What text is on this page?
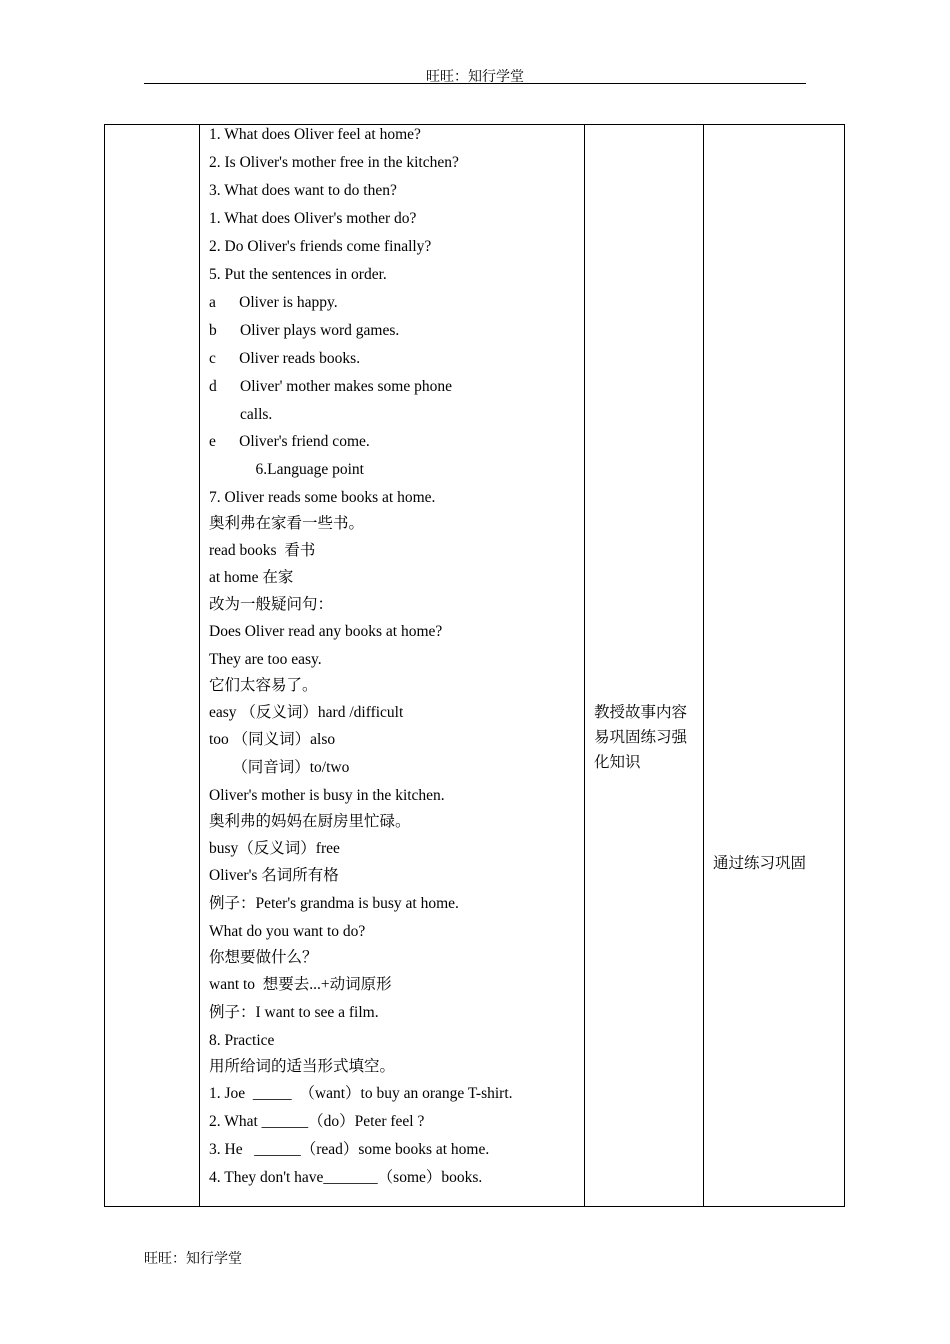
旺旺：知行学堂
1. What does Oliver feel at home?
2. Is Oliver's mother free in the kitchen?
3. What does want to do then?
1. What does Oliver's mother do?
2. Do Oliver's friends come finally?
5. Put the sentences in order.
a      Oliver is happy.
b      Oliver plays word games.
c      Oliver reads books.
d      Oliver' mother makes some phone
calls.
e      Oliver's friend come.
6.Language point
7. Oliver reads some books at home.
奥利弗在家看一些书。
read books  看书
at home 在家
改为一般疑问句：
Does Oliver read any books at home?
They are too easy.
它们太容易了。
easy （反义词）hard /difficult
too （同义词）also
（同音词）to/two
Oliver's mother is busy in the kitchen.
奥利弗的妈妈在厨房里忙碌。
busy（反义词）free
Oliver's 名词所有格
例子：Peter's grandma is busy at home.
What do you want to do?
你想要做什么？
want to  想要去...+动词原形
例子：I want to see a film.
8. Practice
用所给词的适当形式填空。
1. Joe  _____  （want）to buy an orange T-shirt.
2. What ______（do）Peter feel ?
3. He   ______（read）some books at home.
4. They don't have_______（some）books.
教授故事内容
易巩固练习强
化知识
通过练习巩固
旺旺：知行学堂
